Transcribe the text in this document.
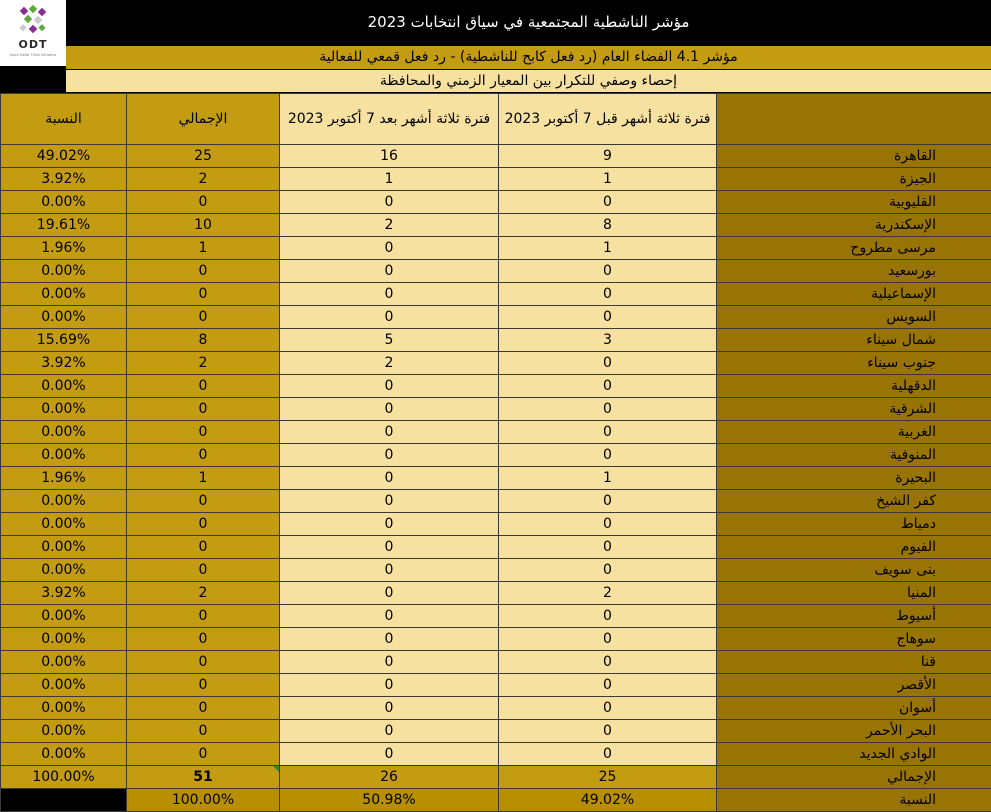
ODT
Open Delta Think Initiative
مؤشر الناشطية المجتمعية في سياق انتخابات 2023
مؤشر 4.1 الفضاء العام (رد فعل كابح للناشطية) - رد فعل قمعي للفعالية
إحصاء وصفي للتكرار بين المعيار الزمني والمحافظة
النسبة	الإجمالي	فترة ثلاثة أشهر بعد 7 أكتوبر 2023	فترة ثلاثة أشهر قبل 7 أكتوبر 2023	
49.02%	25	16	9	القاهرة
3.92%	2	1	1	الجيزة
0.00%	0	0	0	القليوبية
19.61%	10	2	8	الإسكندرية
1.96%	1	0	1	مرسى مطروح
0.00%	0	0	0	بورسعيد
0.00%	0	0	0	الإسماعيلية
0.00%	0	0	0	السويس
15.69%	8	5	3	شمال سيناء
3.92%	2	2	0	جنوب سيناء
0.00%	0	0	0	الدقهلية
0.00%	0	0	0	الشرقية
0.00%	0	0	0	الغربية
0.00%	0	0	0	المنوفية
1.96%	1	0	1	البحيرة
0.00%	0	0	0	كفر الشيخ
0.00%	0	0	0	دمياط
0.00%	0	0	0	الفيوم
0.00%	0	0	0	بنى سويف
3.92%	2	0	2	المنيا
0.00%	0	0	0	أسيوط
0.00%	0	0	0	سوهاج
0.00%	0	0	0	قنا
0.00%	0	0	0	الأقصر
0.00%	0	0	0	أسوان
0.00%	0	0	0	البحر الأحمر
0.00%	0	0	0	الوادي الجديد
100.00%	51	26	25	الإجمالي
	100.00%	50.98%	49.02%	النسبة
